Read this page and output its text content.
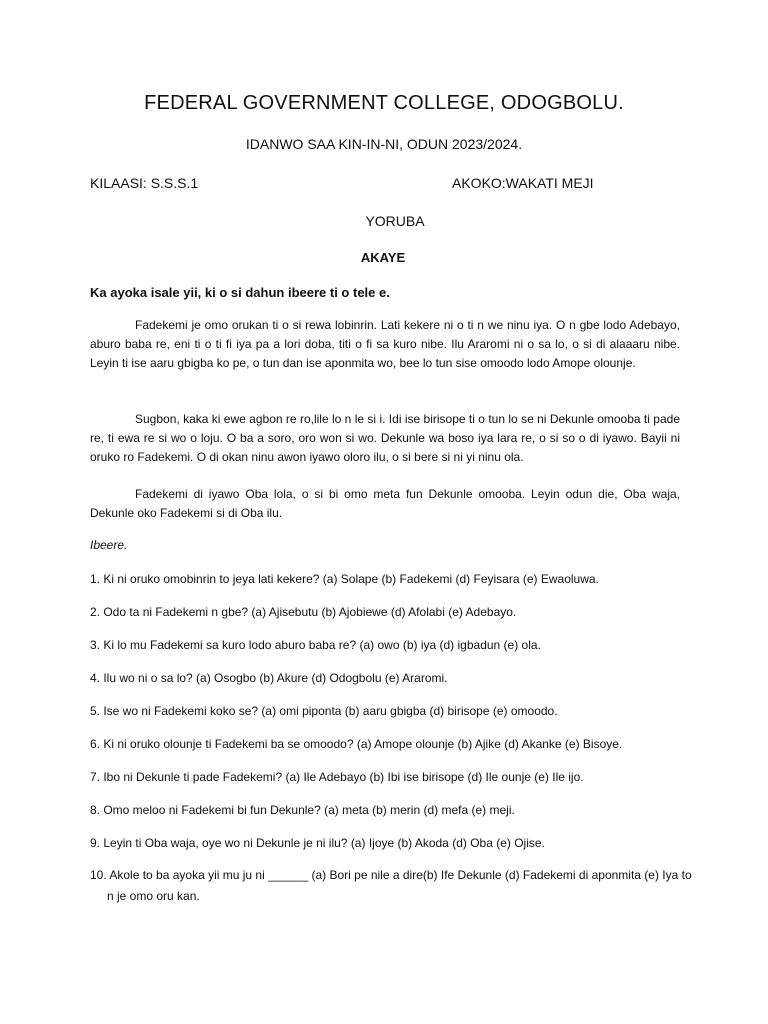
FEDERAL GOVERNMENT COLLEGE, ODOGBOLU.
IDANWO SAA KIN-IN-NI, ODUN 2023/2024.
KILAASI: S.S.S.1	AKOKO:WAKATI MEJI
YORUBA
AKAYE
Ka ayoka isale yii, ki o si dahun ibeere ti o tele e.
Fadekemi je omo orukan ti o si rewa lobinrin. Lati kekere ni o ti n we ninu iya. O n gbe lodo Adebayo, aburo baba re, eni ti o ti fi iya pa a lori doba, titi o fi sa kuro nibe. Ilu Araromi ni o sa lo, o si di alaaaru nibe. Leyin ti ise aaru gbigba ko pe, o tun dan ise aponmita wo, bee lo tun sise omoodo lodo Amope olounje.
Sugbon, kaka ki ewe agbon re ro,lile lo n le si i. Idi ise birisope ti o tun lo se ni Dekunle omooba ti pade re, ti ewa re si wo o loju. O ba a soro, oro won si wo. Dekunle wa boso iya lara re, o si so o di iyawo. Bayii ni oruko ro Fadekemi. O di okan ninu awon iyawo oloro ilu, o si bere si ni yi ninu ola.
Fadekemi di iyawo Oba lola, o si bi omo meta fun Dekunle omooba. Leyin odun die, Oba waja, Dekunle oko Fadekemi si di Oba ilu.
Ibeere.
1. Ki ni oruko omobinrin to jeya lati kekere? (a) Solape (b) Fadekemi (d) Feyisara (e) Ewaoluwa.
2. Odo ta ni Fadekemi n gbe? (a) Ajisebutu (b) Ajobiewe (d) Afolabi (e) Adebayo.
3. Ki lo mu Fadekemi sa kuro lodo aburo baba re? (a) owo (b) iya (d) igbadun (e) ola.
4. Ilu wo ni o sa lo? (a) Osogbo (b) Akure (d) Odogbolu (e) Araromi.
5. Ise wo ni Fadekemi koko se? (a) omi piponta (b) aaru gbigba (d) birisope (e) omoodo.
6. Ki ni oruko olounje ti Fadekemi ba se omoodo? (a) Amope olounje (b) Ajike (d) Akanke (e) Bisoye.
7. Ibo ni Dekunle ti pade Fadekemi? (a) Ile Adebayo (b) Ibi ise birisope (d) Ile ounje (e) Ile ijo.
8. Omo meloo ni Fadekemi bi fun Dekunle? (a) meta (b) merin (d) mefa (e) meji.
9. Leyin ti Oba waja, oye wo ni Dekunle je ni ilu? (a) Ijoye (b) Akoda (d) Oba (e) Ojise.
10. Akole to ba ayoka yii mu ju ni ______ (a) Bori pe nile a dire(b) Ife Dekunle (d) Fadekemi di aponmita (e) Iya to n je omo oru kan.
